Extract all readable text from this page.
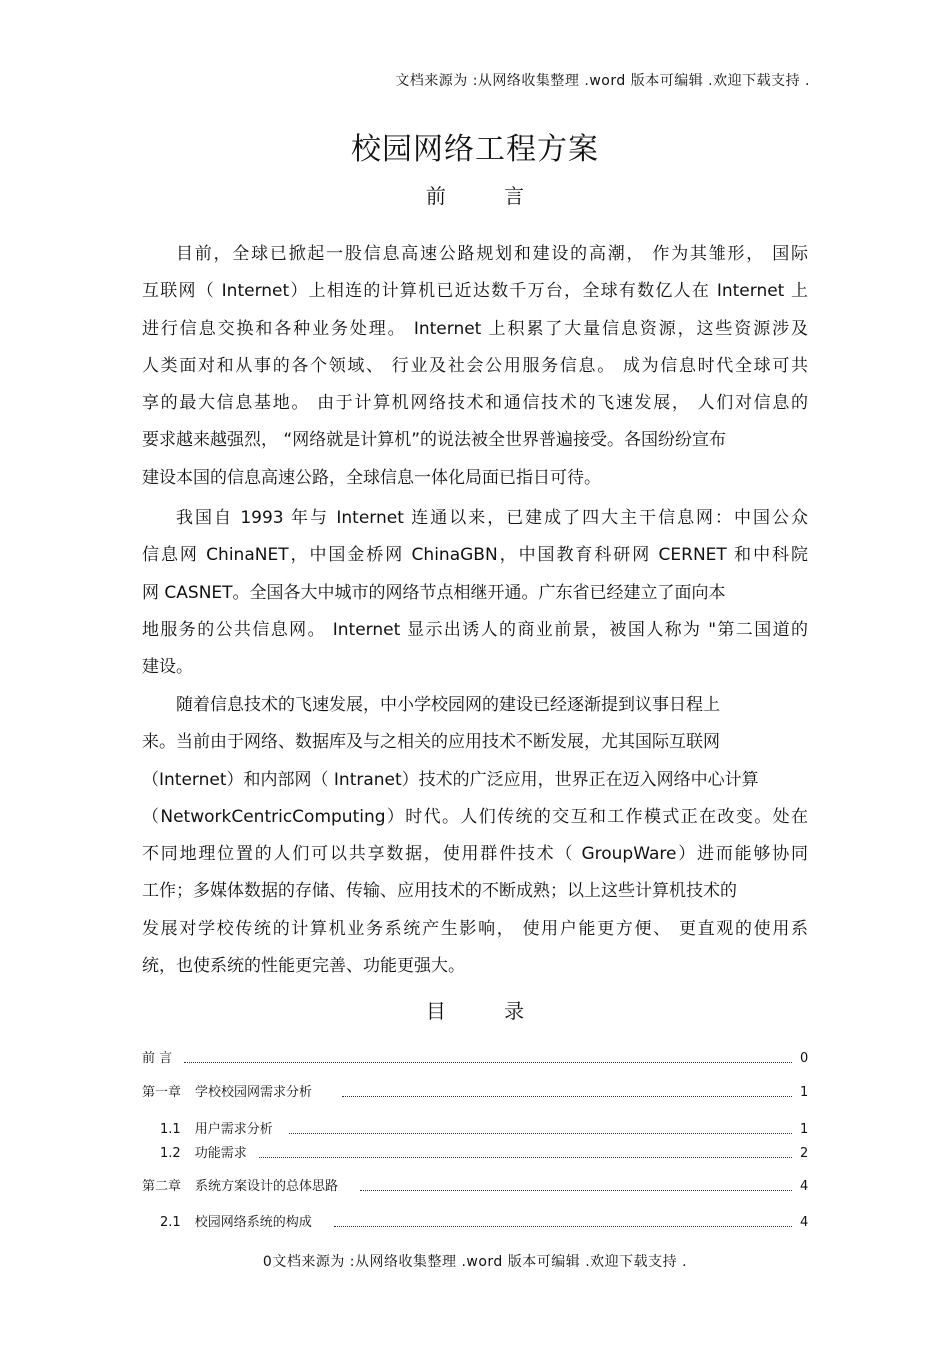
文档来源为 :从网络收集整理 .word 版本可编辑 .欢迎下载支持 .
校园网络工程方案
前 言
目前，全球已掀起一股信息高速公路规划和建设的高潮， 作为其雏形， 国际
互联网（ Internet）上相连的计算机已近达数千万台，全球有数亿人在 Internet 上
进行信息交换和各种业务处理。 Internet 上积累了大量信息资源，这些资源涉及
人类面对和从事的各个领域、 行业及社会公用服务信息。 成为信息时代全球可共
享的最大信息基地。 由于计算机网络技术和通信技术的飞速发展， 人们对信息的
要求越来越强烈， “网络就是计算机”的说法被全世界普遍接受。各国纷纷宣布
建设本国的信息高速公路，全球信息一体化局面已指日可待。
我国自 1993 年与 Internet 连通以来，已建成了四大主干信息网：中国公众
信息网 ChinaNET，中国金桥网 ChinaGBN，中国教育科研网 CERNET 和中科院
网 CASNET。全国各大中城市的网络节点相继开通。广东省已经建立了面向本
地服务的公共信息网。 Internet 显示出诱人的商业前景，被国人称为 "第二国道的
建设。
随着信息技术的飞速发展，中小学校园网的建设已经逐渐提到议事日程上
来。当前由于网络、数据库及与之相关的应用技术不断发展，尤其国际互联网
（Internet）和内部网（ Intranet）技术的广泛应用，世界正在迈入网络中心计算
（NetworkCentricComputing）时代。人们传统的交互和工作模式正在改变。处在
不同地理位置的人们可以共享数据，使用群件技术（ GroupWare）进而能够协同
工作；多媒体数据的存储、传输、应用技术的不断成熟；以上这些计算机技术的
发展对学校传统的计算机业务系统产生影响， 使用户能更方便、 更直观的使用系
统，也使系统的性能更完善、功能更强大。
目 录
前 言	0
第一章 学校校园网需求分析	1
1.1 用户需求分析	1
1.2 功能需求	2
第二章 系统方案设计的总体思路	4
2.1 校园网络系统的构成	4
0文档来源为 :从网络收集整理 .word 版本可编辑 .欢迎下载支持 .
